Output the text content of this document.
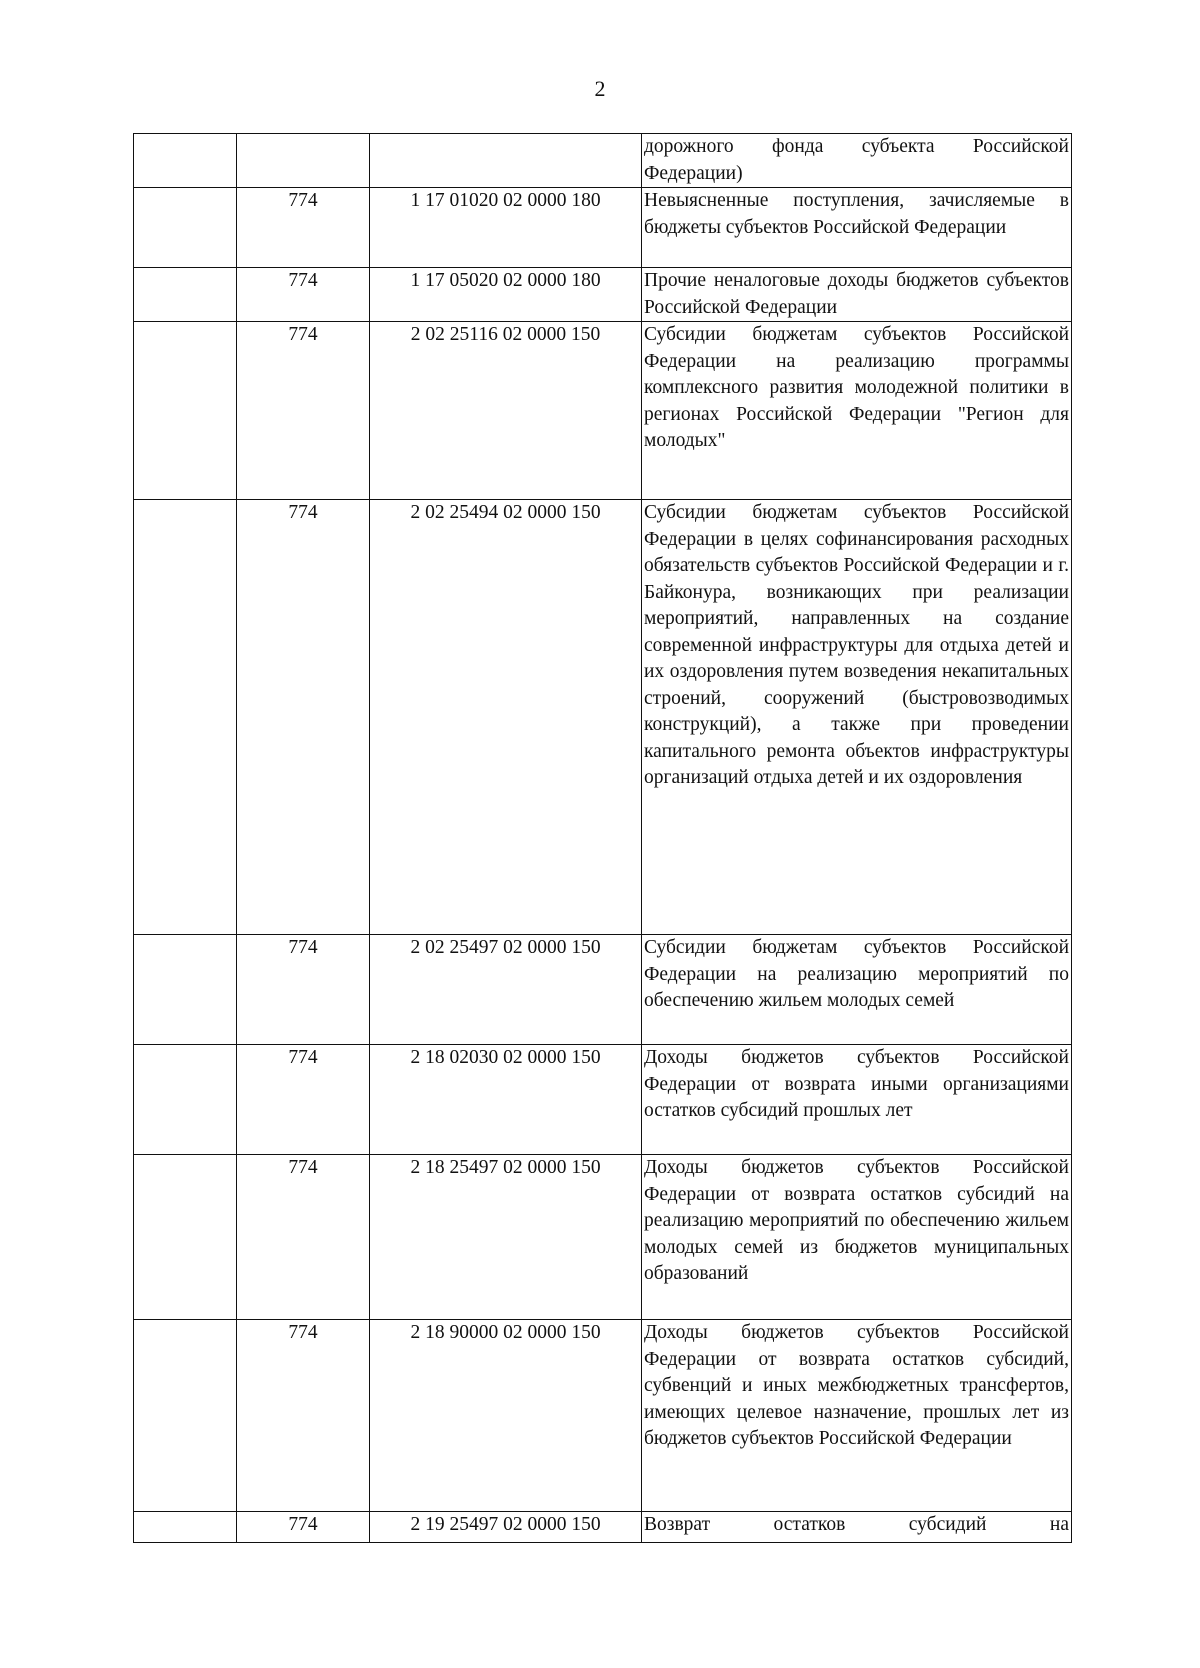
2
			дорожного фонда субъекта Российской Федерации)
	774	1 17 01020 02 0000 180	Невыясненные поступления, зачисляемые в бюджеты субъектов Российской Федерации
	774	1 17 05020 02 0000 180	Прочие неналоговые доходы бюджетов субъектов Российской Федерации
	774	2 02 25116 02 0000 150	Субсидии бюджетам субъектов Российской Федерации на реализацию программы комплексного развития молодежной политики в регионах Российской Федерации "Регион для молодых"
	774	2 02 25494 02 0000 150	Субсидии бюджетам субъектов Российской Федерации в целях софинансирования расходных обязательств субъектов Российской Федерации и г. Байконура, возникающих при реализации мероприятий, направленных на создание современной инфраструктуры для отдыха детей и их оздоровления путем возведения некапитальных строений, сооружений (быстровозводимых конструкций), а также при проведении капитального ремонта объектов инфраструктуры организаций отдыха детей и их оздоровления
	774	2 02 25497 02 0000 150	Субсидии бюджетам субъектов Российской Федерации на реализацию мероприятий по обеспечению жильем молодых семей
	774	2 18 02030 02 0000 150	Доходы бюджетов субъектов Российской Федерации от возврата иными организациями остатков субсидий прошлых лет
	774	2 18 25497 02 0000 150	Доходы бюджетов субъектов Российской Федерации от возврата остатков субсидий на реализацию мероприятий по обеспечению жильем молодых семей из бюджетов муниципальных образований
	774	2 18 90000 02 0000 150	Доходы бюджетов субъектов Российской Федерации от возврата остатков субсидий, субвенций и иных межбюджетных трансфертов, имеющих целевое назначение, прошлых лет из бюджетов субъектов Российской Федерации
	774	2 19 25497 02 0000 150	Возврат остатков субсидий на
